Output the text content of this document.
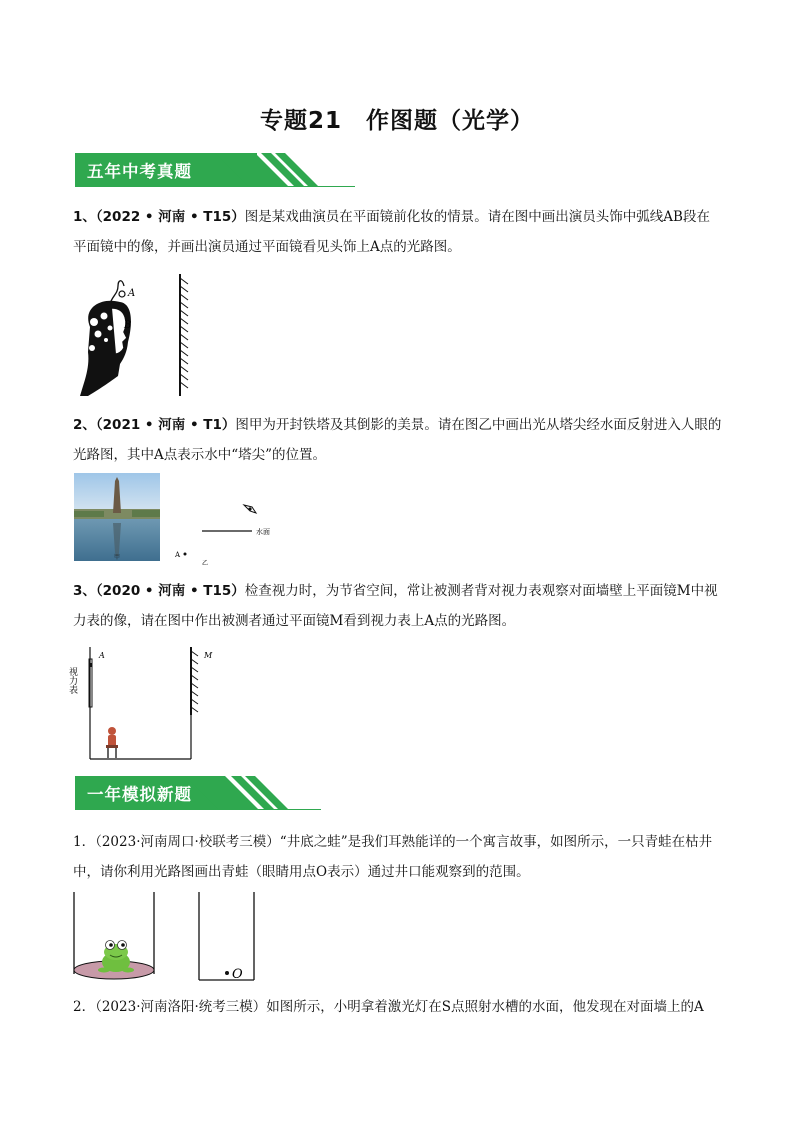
专题21　作图题（光学）
五年中考真题
1、（2022 • 河南 • T15）图是某戏曲演员在平面镜前化妆的情景。请在图中画出演员头饰中弧线AB段在平面镜中的像，并画出演员通过平面镜看见头饰上A点的光路图。
A
B
2、（2021 • 河南 • T1）图甲为开封铁塔及其倒影的美景。请在图乙中画出光从塔尖经水面反射进入人眼的光路图，其中A点表示水中“塔尖”的位置。
甲
水面
A
乙
3、（2020 • 河南 • T15）检查视力时，为节省空间，常让被测者背对视力表观察对面墙壁上平面镜M中视力表的像，请在图中作出被测者通过平面镜M看到视力表上A点的光路图。
视力表
A	M
一年模拟新题
1．（2023·河南周口·校联考三模）“井底之蛙”是我们耳熟能详的一个寓言故事，如图所示，一只青蛙在枯井中，请你利用光路图画出青蛙（眼睛用点O表示）通过井口能观察到的范围。
O
2．（2023·河南洛阳·统考三模）如图所示，小明拿着激光灯在S点照射水槽的水面，他发现在对面墙上的A
